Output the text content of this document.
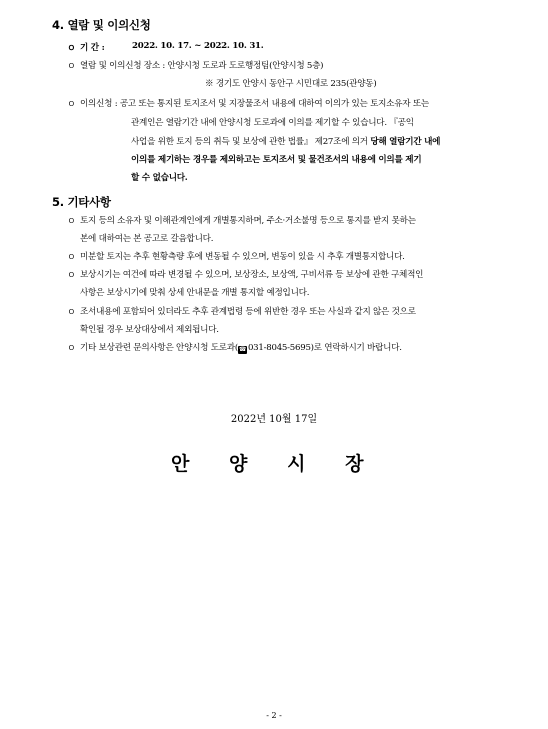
4. 열람 및 이의신청
ㅇ 기 간 :	2022. 10. 17. ~ 2022. 10. 31.
ㅇ 열람 및 이의신청 장소 : 안양시청 도로과 도로행정팀(안양시청 5층)
※ 경기도 안양시 동안구 시민대로 235(관양동)
ㅇ 이의신청 : 공고 또는 통지된 토지조서 및 지장물조서 내용에 대하여 이의가 있는 토지소유자 또는
관계인은 열람기간 내에 안양시청 도로과에 이의를 제기할 수 있습니다. 『공익
사업을 위한 토지 등의 취득 및 보상에 관한 법률』 제27조에 의거 당해 열람기간 내에
이의를 제기하는 경우를 제외하고는 토지조서 및 물건조서의 내용에 이의를 제기
할 수 없습니다.
5. 기타사항
ㅇ 토지 등의 소유자 및 이해관계인에게 개별통지하며, 주소·거소불명 등으로 통지를 받지 못하는
본에 대하여는 본 공고로 갈음합니다.
ㅇ 미분할 토지는 추후 현황측량 후에 변동될 수 있으며, 변동이 있을 시 추후 개별통지합니다.
ㅇ 보상시기는 여건에 따라 변경될 수 있으며, 보상장소, 보상액, 구비서류 등 보상에 관한 구체적인
사항은 보상시기에 맞춰 상세 안내문을 개별 통지할 예정입니다.
ㅇ 조서내용에 포함되어 있더라도 추후 관계법령 등에 위반한 경우 또는 사실과 같지 않은 것으로
확인될 경우 보상대상에서 제외됩니다.
ㅇ 기타 보상관련 문의사항은 안양시청 도로과(☎ 031-8045-5695)로 연락하시기 바랍니다.
2022년 10월 17일
안      양      시      장
- 2 -
